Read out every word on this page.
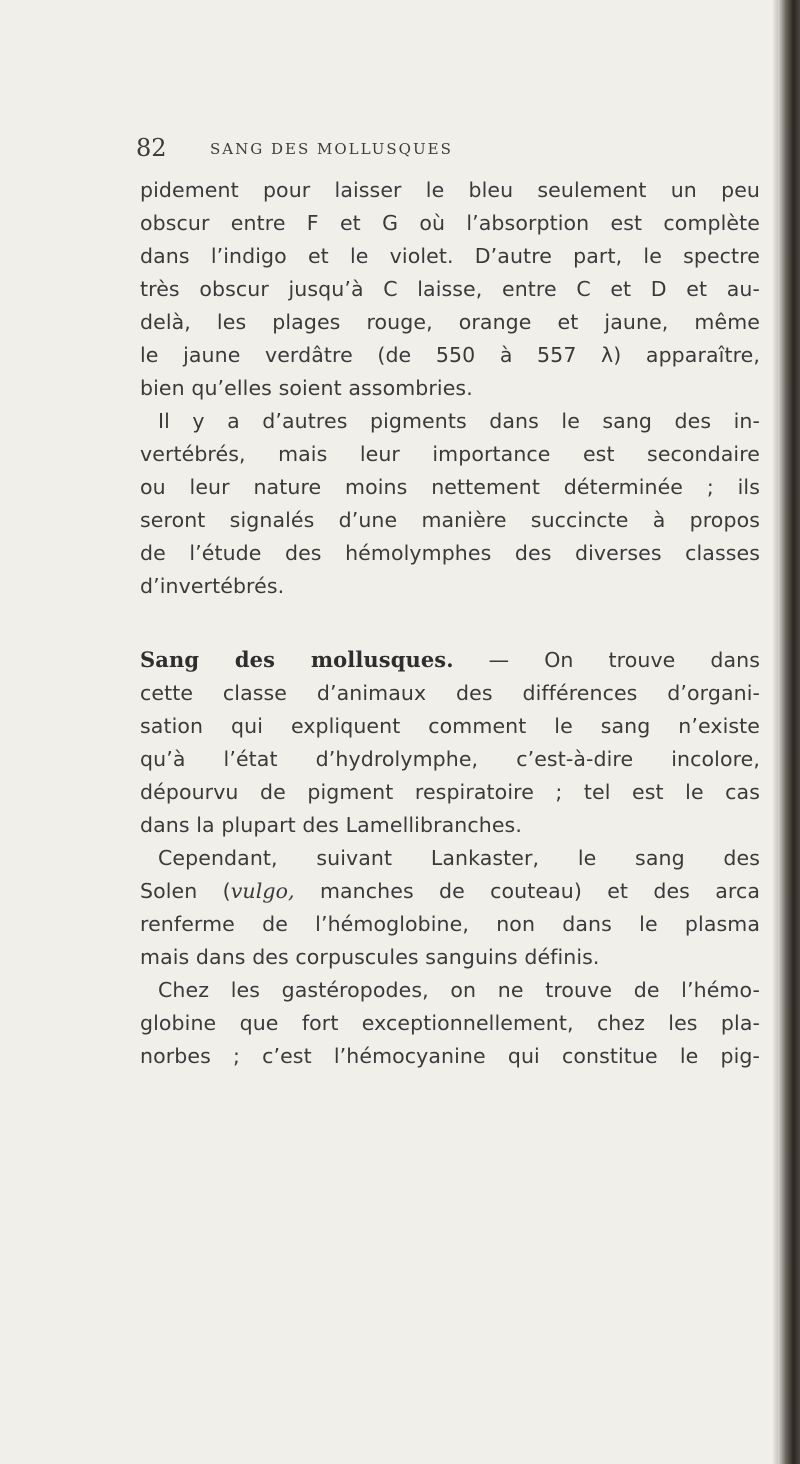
82	SANG DES MOLLUSQUES
pidement pour laisser le bleu seulement un peu
obscur entre F et G où l’absorption est complète
dans l’indigo et le violet. D’autre part, le spectre
très obscur jusqu’à C laisse, entre C et D et au-
delà, les plages rouge, orange et jaune, même
le jaune verdâtre (de 550 à 557 λ) apparaître,
bien qu’elles soient assombries.
Il y a d’autres pigments dans le sang des in-
vertébrés, mais leur importance est secondaire
ou leur nature moins nettement déterminée ; ils
seront signalés d’une manière succincte à propos
de l’étude des hémolymphes des diverses classes
d’invertébrés.
Sang des mollusques. — On trouve dans
cette classe d’animaux des différences d’organi-
sation qui expliquent comment le sang n’existe
qu’à l’état d’hydrolymphe, c’est-à-dire incolore,
dépourvu de pigment respiratoire ; tel est le cas
dans la plupart des Lamellibranches.
Cependant, suivant Lankaster, le sang des
Solen (vulgo, manches de couteau) et des arca
renferme de l’hémoglobine, non dans le plasma
mais dans des corpuscules sanguins définis.
Chez les gastéropodes, on ne trouve de l’hémo-
globine que fort exceptionnellement, chez les pla-
norbes ; c’est l’hémocyanine qui constitue le pig-
